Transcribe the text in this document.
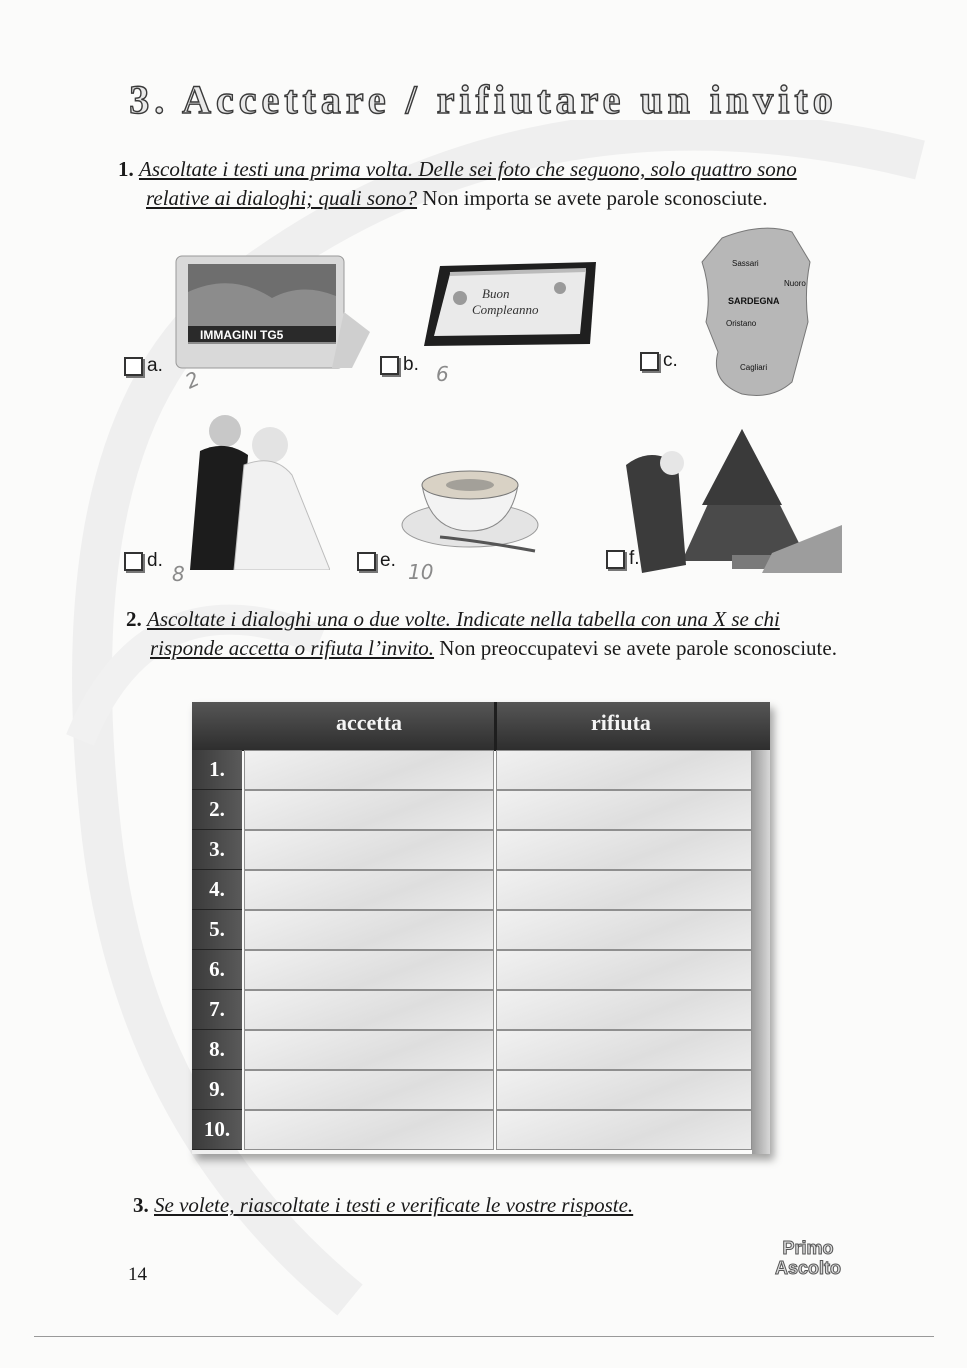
3. Accettare / rifiutare un invito
1. Ascoltate i testi una prima volta. Delle sei foto che seguono, solo quattro sono relative ai dialoghi; quali sono? Non importa se avete parole sconosciute.
IMMAGINI TG5
a.
2
Buon
Compleanno
b. 6
Sassari
Nuoro
SARDEGNA
Oristano
Cagliari
c.
d.
8
e. 10
f.
2. Ascoltate i dialoghi una o due volte. Indicate nella tabella con una X se chi risponde accetta o rifiuta l’invito. Non preoccupatevi se avete parole sconosciute.
accetta	rifiuta
1.
2.
3.
4.
5.
6.
7.
8.
9.
10.
3. Se volete, riascoltate i testi e verificate le vostre risposte.
14
Primo
Ascolto
